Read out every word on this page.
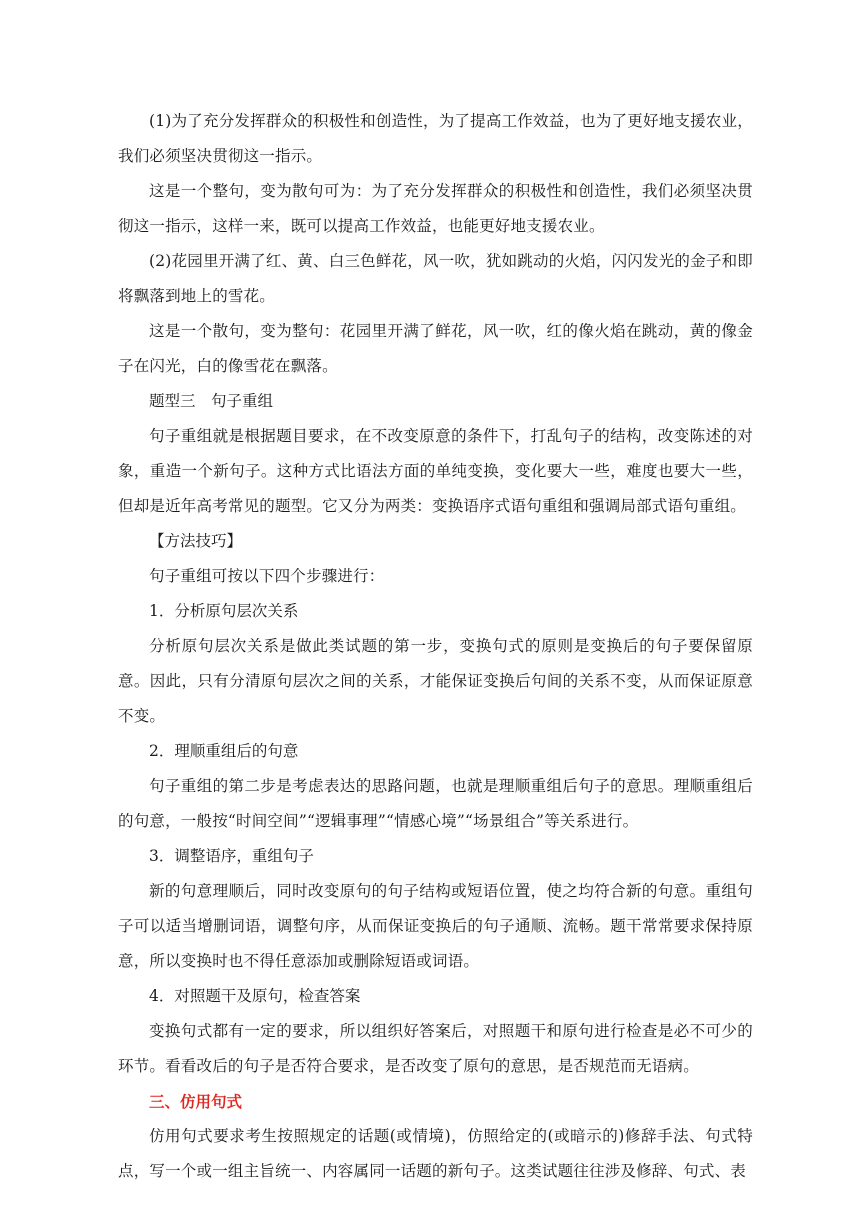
(1)为了充分发挥群众的积极性和创造性，为了提高工作效益，也为了更好地支援农业，我们必须坚决贯彻这一指示。

这是一个整句，变为散句可为：为了充分发挥群众的积极性和创造性，我们必须坚决贯彻这一指示，这样一来，既可以提高工作效益，也能更好地支援农业。

(2)花园里开满了红、黄、白三色鲜花，风一吹，犹如跳动的火焰，闪闪发光的金子和即将飘落到地上的雪花。

这是一个散句，变为整句：花园里开满了鲜花，风一吹，红的像火焰在跳动，黄的像金子在闪光，白的像雪花在飘落。

题型三　句子重组

句子重组就是根据题目要求，在不改变原意的条件下，打乱句子的结构，改变陈述的对象，重造一个新句子。这种方式比语法方面的单纯变换，变化要大一些，难度也要大一些，但却是近年高考常见的题型。它又分为两类：变换语序式语句重组和强调局部式语句重组。

【方法技巧】

句子重组可按以下四个步骤进行：

1．分析原句层次关系

分析原句层次关系是做此类试题的第一步，变换句式的原则是变换后的句子要保留原意。因此，只有分清原句层次之间的关系，才能保证变换后句间的关系不变，从而保证原意不变。

2．理顺重组后的句意

句子重组的第二步是考虑表达的思路问题，也就是理顺重组后句子的意思。理顺重组后的句意，一般按“时间空间”“逻辑事理”“情感心境”“场景组合”等关系进行。

3．调整语序，重组句子

新的句意理顺后，同时改变原句的句子结构或短语位置，使之均符合新的句意。重组句子可以适当增删词语，调整句序，从而保证变换后的句子通顺、流畅。题干常常要求保持原意，所以变换时也不得任意添加或删除短语或词语。

4．对照题干及原句，检查答案

变换句式都有一定的要求，所以组织好答案后，对照题干和原句进行检查是必不可少的环节。看看改后的句子是否符合要求，是否改变了原句的意思，是否规范而无语病。

三、仿用句式

仿用句式要求考生按照规定的话题(或情境)，仿照给定的(或暗示的)修辞手法、句式特点，写一个或一组主旨统一、内容属同一话题的新句子。这类试题往往涉及修辞、句式、表
